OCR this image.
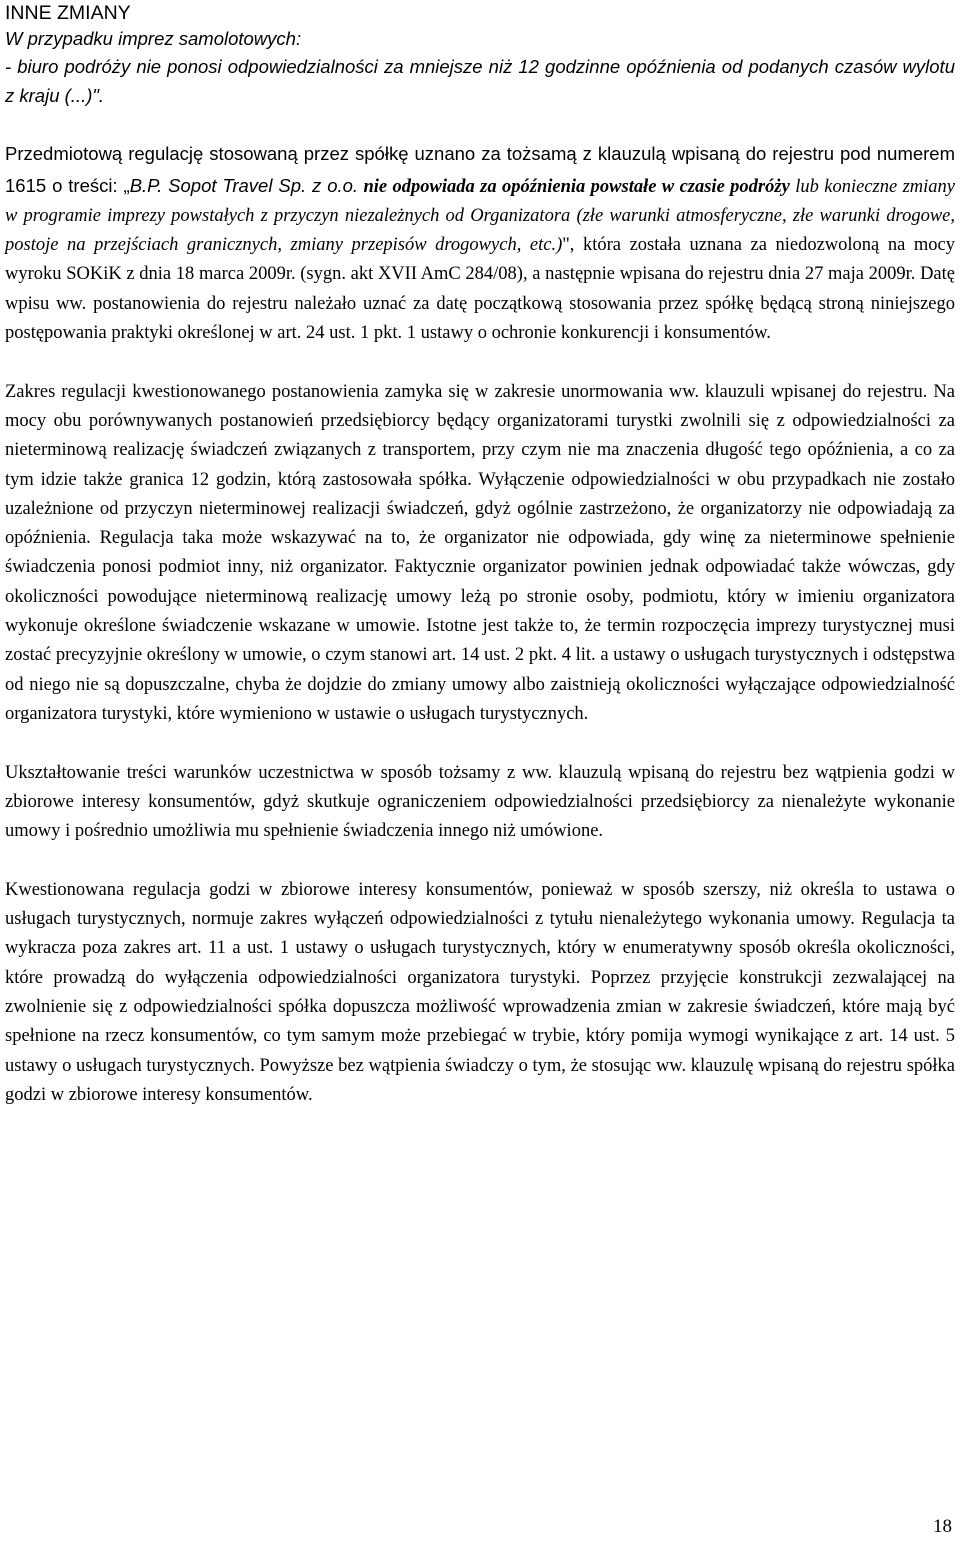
INNE ZMIANY

W przypadku imprez samolotowych:

- biuro podróży nie ponosi odpowiedzialności za mniejsze niż 12 godzinne opóźnienia od podanych czasów wylotu z kraju (...)".

Przedmiotową regulację stosowaną przez spółkę uznano za tożsamą z klauzulą wpisaną do rejestru pod numerem 1615 o treści: „B.P. Sopot Travel Sp. z o.o. nie odpowiada za opóźnienia powstałe w czasie podróży lub konieczne zmiany w programie imprezy powstałych z przyczyn niezależnych od Organizatora (złe warunki atmosferyczne, złe warunki drogowe, postoje na przejściach granicznych, zmiany przepisów drogowych, etc.)", która została uznana za niedozwoloną na mocy wyroku SOKiK z dnia 18 marca 2009r. (sygn. akt XVII AmC 284/08), a następnie wpisana do rejestru dnia 27 maja 2009r. Datę wpisu ww. postanowienia do rejestru należało uznać za datę początkową stosowania przez spółkę będącą stroną niniejszego postępowania praktyki określonej w art. 24 ust. 1 pkt. 1 ustawy o ochronie konkurencji i konsumentów.

Zakres regulacji kwestionowanego postanowienia zamyka się w zakresie unormowania ww. klauzuli wpisanej do rejestru. Na mocy obu porównywanych postanowień przedsiębiorcy będący organizatorami turystki zwolnili się z odpowiedzialności za nieterminową realizację świadczeń związanych z transportem, przy czym nie ma znaczenia długość tego opóźnienia, a co za tym idzie także granica 12 godzin, którą zastosowała spółka. Wyłączenie odpowiedzialności w obu przypadkach nie zostało uzależnione od przyczyn nieterminowej realizacji świadczeń, gdyż ogólnie zastrzeżono, że organizatorzy nie odpowiadają za opóźnienia. Regulacja taka może wskazywać na to, że organizator nie odpowiada, gdy winę za nieterminowe spełnienie świadczenia ponosi podmiot inny, niż organizator. Faktycznie organizator powinien jednak odpowiadać także wówczas, gdy okoliczności powodujące nieterminową realizację umowy leżą po stronie osoby, podmiotu, który w imieniu organizatora wykonuje określone świadczenie wskazane w umowie. Istotne jest także to, że termin rozpoczęcia imprezy turystycznej musi zostać precyzyjnie określony w umowie, o czym stanowi art. 14 ust. 2 pkt. 4 lit. a ustawy o usługach turystycznych i odstępstwa od niego nie są dopuszczalne, chyba że dojdzie do zmiany umowy albo zaistnieją okoliczności wyłączające odpowiedzialność organizatora turystyki, które wymieniono w ustawie o usługach turystycznych.

Ukształtowanie treści warunków uczestnictwa w sposób tożsamy z ww. klauzulą wpisaną do rejestru bez wątpienia godzi w zbiorowe interesy konsumentów, gdyż skutkuje ograniczeniem odpowiedzialności przedsiębiorcy za nienależyte wykonanie umowy i pośrednio umożliwia mu spełnienie świadczenia innego niż umówione.

Kwestionowana regulacja godzi w zbiorowe interesy konsumentów, ponieważ w sposób szerszy, niż określa to ustawa o usługach turystycznych, normuje zakres wyłączeń odpowiedzialności z tytułu nienależytego wykonania umowy. Regulacja ta wykracza poza zakres art. 11 a ust. 1 ustawy o usługach turystycznych, który w enumeratywny sposób określa okoliczności, które prowadzą do wyłączenia odpowiedzialności organizatora turystyki. Poprzez przyjęcie konstrukcji zezwalającej na zwolnienie się z odpowiedzialności spółka dopuszcza możliwość wprowadzenia zmian w zakresie świadczeń, które mają być spełnione na rzecz konsumentów, co tym samym może przebiegać w trybie, który pomija wymogi wynikające z art. 14 ust. 5 ustawy o usługach turystycznych. Powyższe bez wątpienia świadczy o tym, że stosując ww. klauzulę wpisaną do rejestru spółka godzi w zbiorowe interesy konsumentów.

18
